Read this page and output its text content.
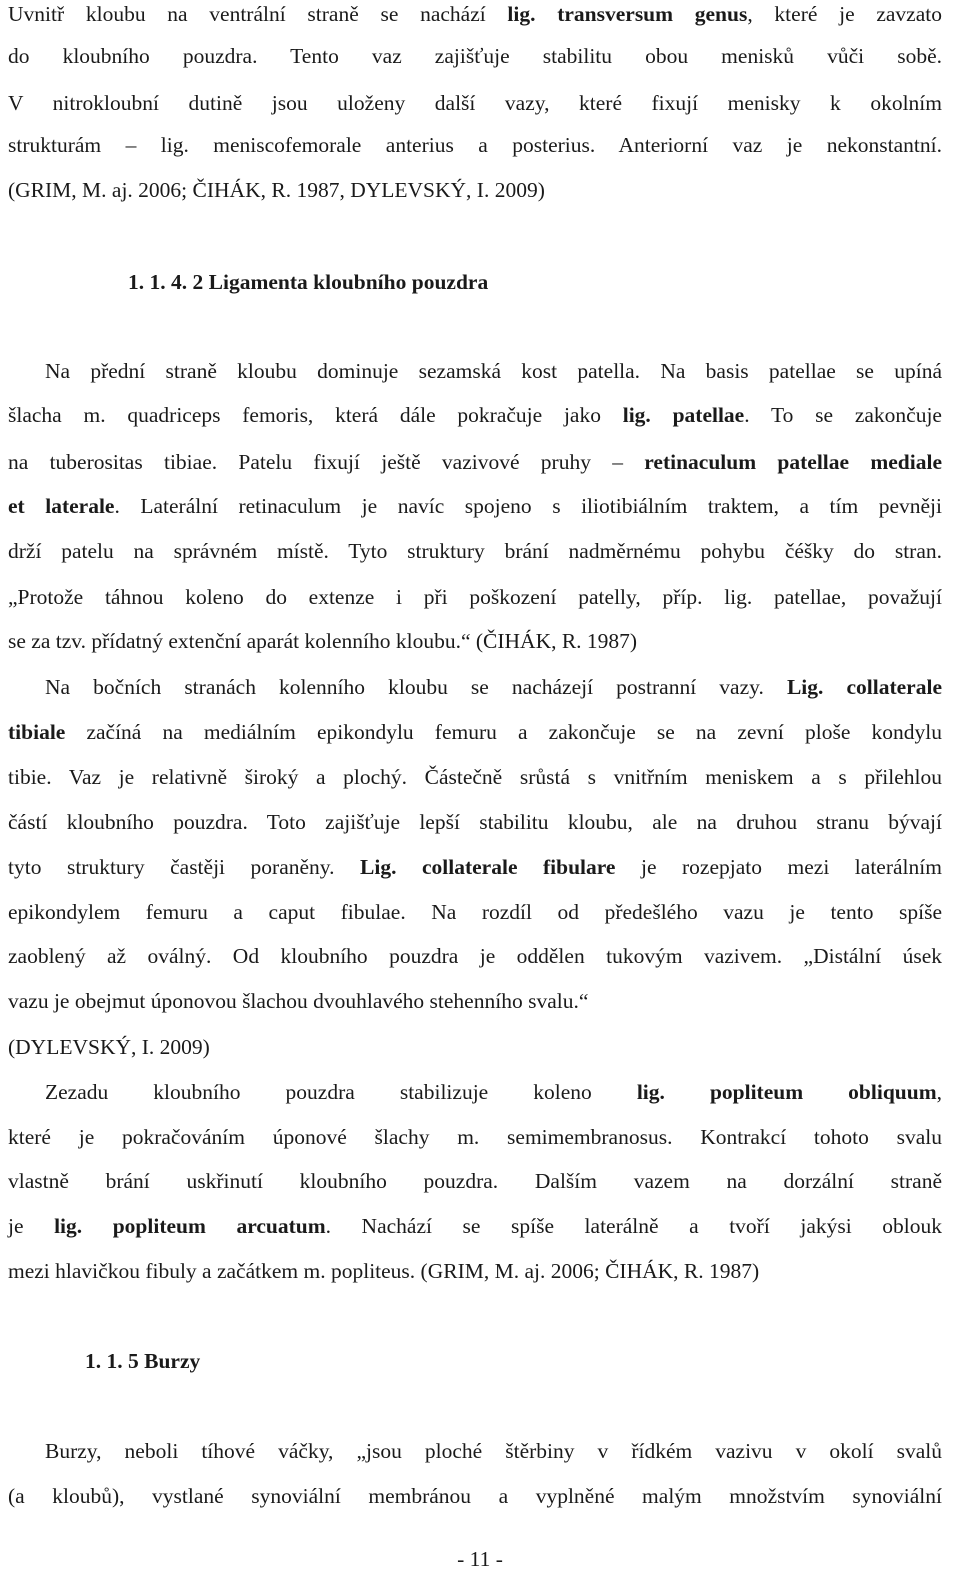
Uvnitř kloubu na ventrální straně se nachází lig. transversum genus, které je zavzato
do kloubního pouzdra. Tento vaz zajišťuje stabilitu obou menisků vůči sobě.
V nitrokloubní dutině jsou uloženy další vazy, které fixují menisky k okolním
strukturám – lig. meniscofemorale anterius a posterius. Anteriorní vaz je nekonstantní.
(GRIM, M. aj. 2006; ČIHÁK, R. 1987, DYLEVSKÝ, I. 2009)
1. 1. 4. 2 Ligamenta kloubního pouzdra
Na přední straně kloubu dominuje sezamská kost patella. Na basis patellae se upíná
šlacha m. quadriceps femoris, která dále pokračuje jako lig. patellae. To se zakončuje
na tuberositas tibiae. Patelu fixují ještě vazivové pruhy – retinaculum patellae mediale
et laterale. Laterální retinaculum je navíc spojeno s iliotibiálním traktem, a tím pevněji
drží patelu na správném místě. Tyto struktury brání nadměrnému pohybu čéšky do stran.
„Protože táhnou koleno do extenze i při poškození patelly, příp. lig. patellae, považují
se za tzv. přídatný extenční aparát kolenního kloubu.“ (ČIHÁK, R. 1987)
Na bočních stranách kolenního kloubu se nacházejí postranní vazy. Lig. collaterale
tibiale začíná na mediálním epikondylu femuru a zakončuje se na zevní ploše kondylu
tibie. Vaz je relativně široký a plochý. Částečně srůstá s vnitřním meniskem a s přilehlou
částí kloubního pouzdra. Toto zajišťuje lepší stabilitu kloubu, ale na druhou stranu bývají
tyto struktury častěji poraněny. Lig. collaterale fibulare je rozepjato mezi laterálním
epikondylem femuru a caput fibulae. Na rozdíl od předešlého vazu je tento spíše
zaoblený až oválný. Od kloubního pouzdra je oddělen tukovým vazivem. „Distální úsek
vazu je obejmut úponovou šlachou dvouhlavého stehenního svalu.“
(DYLEVSKÝ, I. 2009)
Zezadu kloubního pouzdra stabilizuje koleno lig. popliteum obliquum,
které je pokračováním úponové šlachy m. semimembranosus. Kontrakcí tohoto svalu
vlastně brání uskřinutí kloubního pouzdra. Dalším vazem na dorzální straně
je lig. popliteum arcuatum. Nachází se spíše laterálně a tvoří jakýsi oblouk
mezi hlavičkou fibuly a začátkem m. popliteus. (GRIM, M. aj. 2006; ČIHÁK, R. 1987)
1. 1. 5 Burzy
Burzy, neboli tíhové váčky, „jsou ploché štěrbiny v řídkém vazivu v okolí svalů
(a kloubů), vystlané synoviální membránou a vyplněné malým množstvím synoviální
- 11 -
